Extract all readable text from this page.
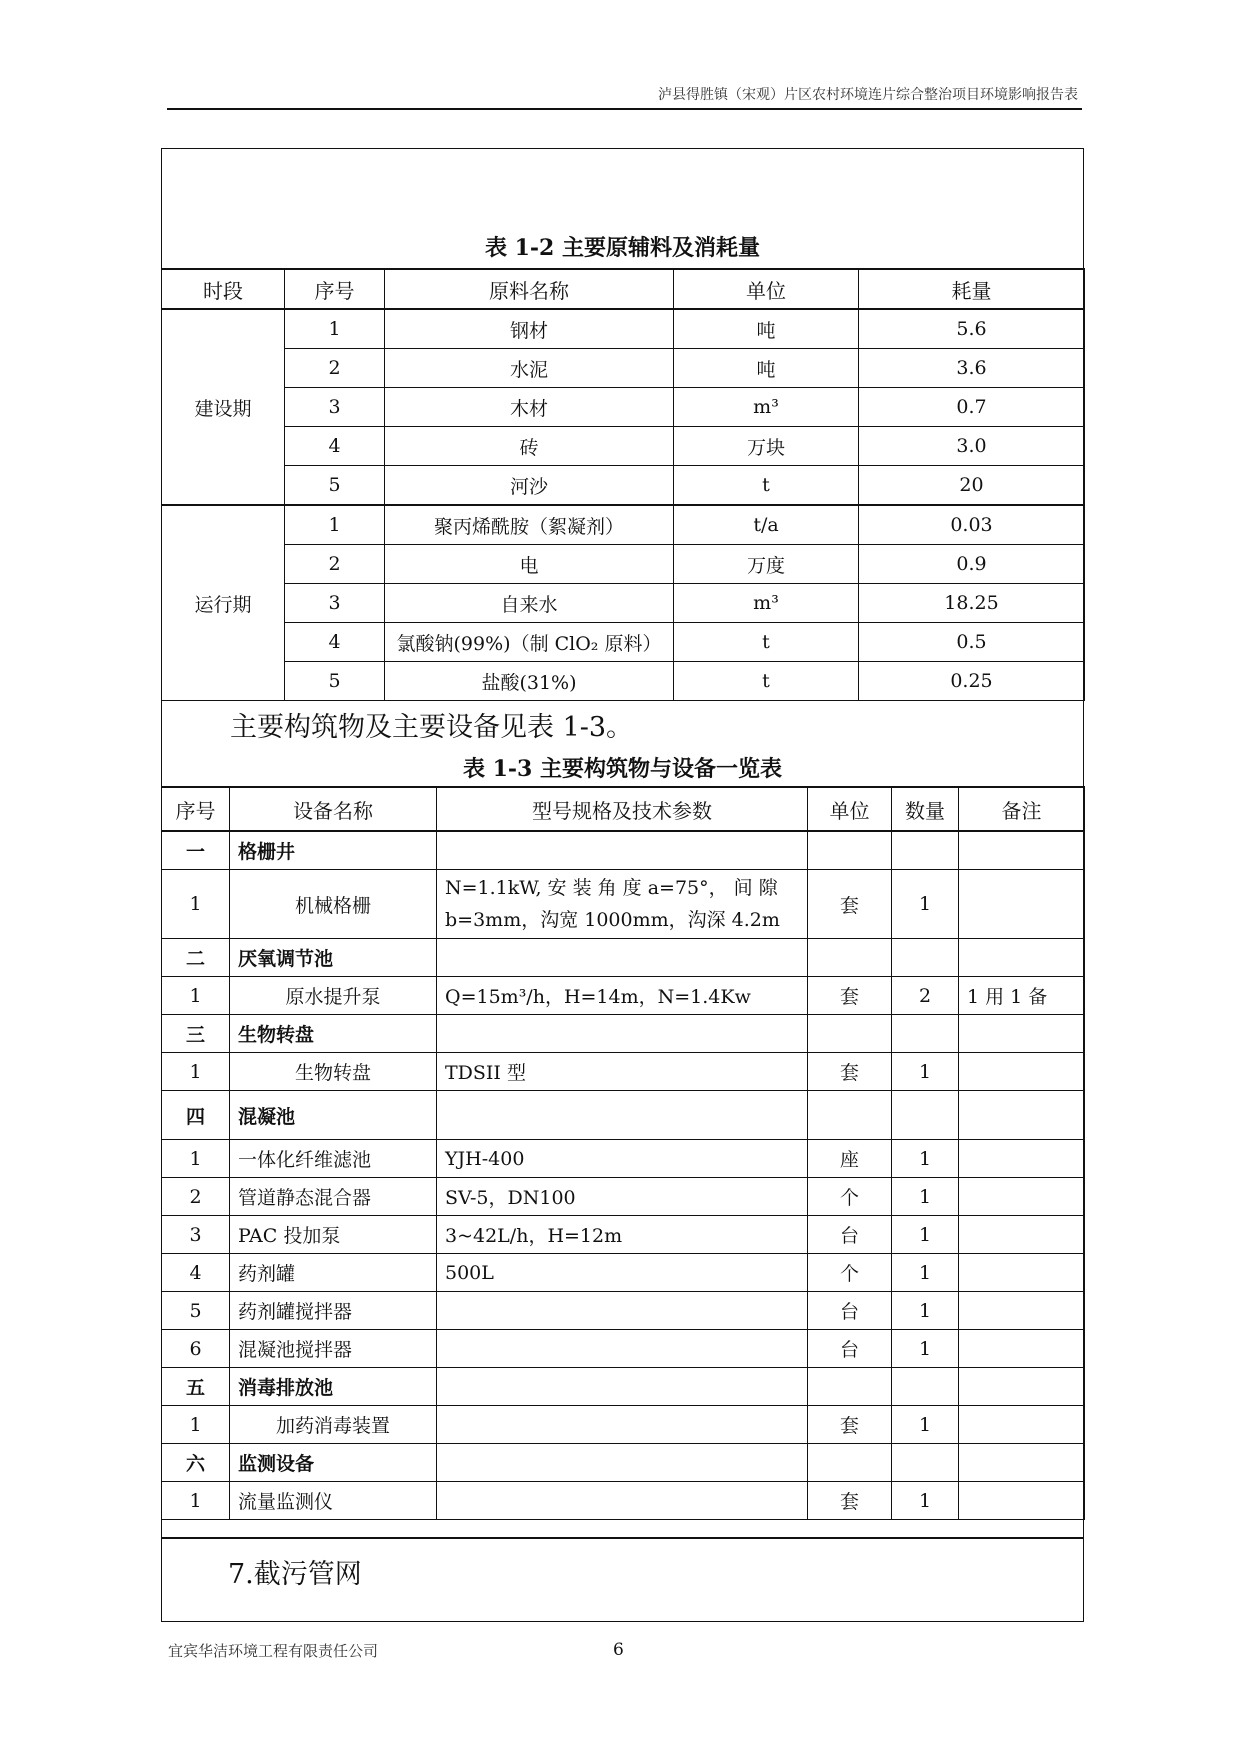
泸县得胜镇（宋观）片区农村环境连片综合整治项目环境影响报告表
表 1-2 主要原辅料及消耗量
时段	序号	原料名称	单位	耗量
建设期	1	钢材	吨	5.6
	2	水泥	吨	3.6
	3	木材	m³	0.7
	4	砖	万块	3.0
	5	河沙	t	20
运行期	1	聚丙烯酰胺（絮凝剂）	t/a	0.03
	2	电	万度	0.9
	3	自来水	m³	18.25
	4	氯酸钠(99%)（制 ClO₂ 原料）	t	0.5
	5	盐酸(31%)	t	0.25
主要构筑物及主要设备见表 1-3。
表 1-3 主要构筑物与设备一览表
序号	设备名称	型号规格及技术参数	单位	数量	备注
一	格栅井				
1	机械格栅	N=1.1kW, 安 装 角 度 a=75°， 间 隙 b=3mm，沟宽 1000mm，沟深 4.2m	套	1	
二	厌氧调节池				
1	原水提升泵	Q=15m³/h，H=14m，N=1.4Kw	套	2	1 用 1 备
三	生物转盘				
1	生物转盘	TDSII 型	套	1	
四	混凝池				
1	一体化纤维滤池	YJH-400	座	1	
2	管道静态混合器	SV-5，DN100	个	1	
3	PAC 投加泵	3~42L/h，H=12m	台	1	
4	药剂罐	500L	个	1	
5	药剂罐搅拌器		台	1	
6	混凝池搅拌器		台	1	
五	消毒排放池				
1	加药消毒装置		套	1	
六	监测设备				
1	流量监测仪		套	1	
7.截污管网
宜宾华洁环境工程有限责任公司	6
